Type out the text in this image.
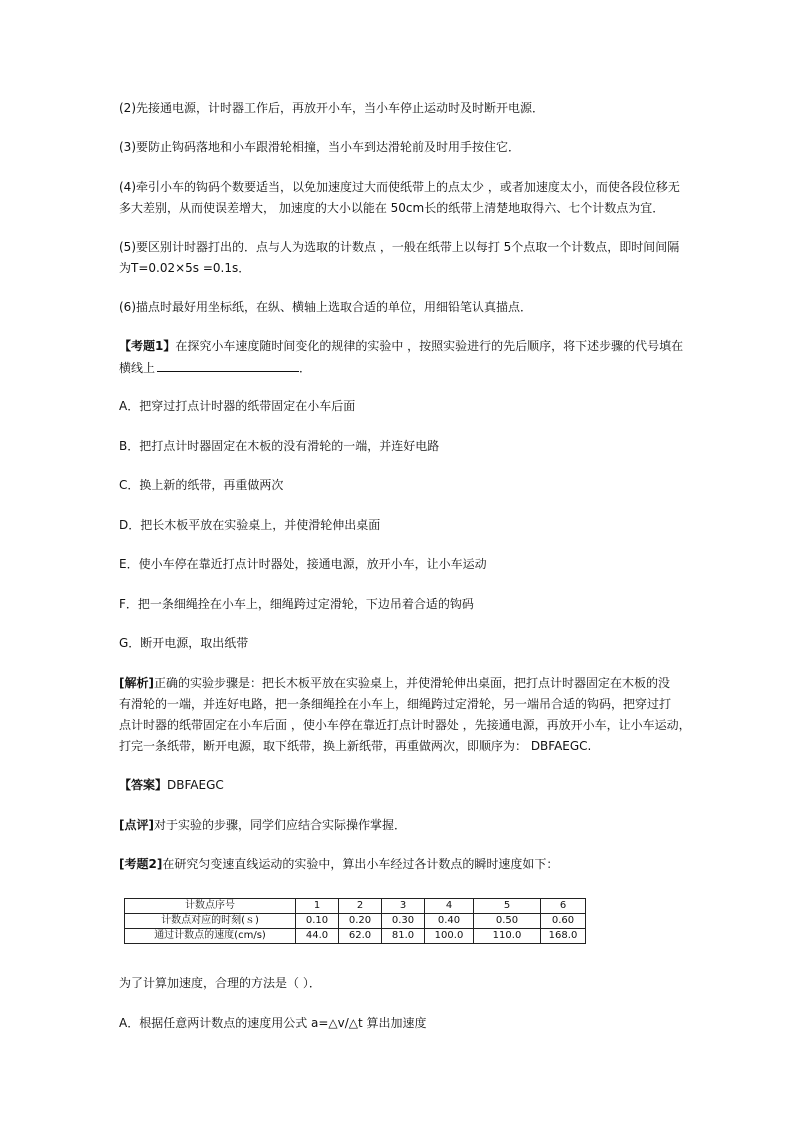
(2)先接通电源，计时器工作后，再放开小车，当小车停止运动时及时断开电源．
(3)要防止钩码落地和小车跟滑轮相撞，当小车到达滑轮前及时用手按住它．
(4)牵引小车的钩码个数要适当，以免加速度过大而使纸带上的点太少 ，或者加速度太小，而使各段位移无
多大差别，从而使误差增大， 加速度的大小以能在 50cm长的纸带上清楚地取得六、七个计数点为宜．
(5)要区别计时器打出的．点与人为选取的计数点 ，一般在纸带上以每打 5个点取一个计数点，即时间间隔
为T=0.02×5s =0.1s．
(6)描点时最好用坐标纸，在纵、横轴上选取合适的单位，用细铅笔认真描点．
【考题1】在探究小车速度随时间变化的规律的实验中 ，按照实验进行的先后顺序，将下述步骤的代号填在
横线上	．
A．把穿过打点计时器的纸带固定在小车后面
B．把打点计时器固定在木板的没有滑轮的一端，并连好电路
C．换上新的纸带，再重做两次
D．把长木板平放在实验桌上，并使滑轮伸出桌面
E．使小车停在靠近打点计时器处，接通电源，放开小车，让小车运动
F．把一条细绳拴在小车上，细绳跨过定滑轮，下边吊着合适的钩码
G．断开电源，取出纸带
[解析]正确的实验步骤是：把长木板平放在实验桌上，并使滑轮伸出桌面，把打点计时器固定在木板的没
有滑轮的一端，并连好电路，把一条细绳拴在小车上，细绳跨过定滑轮，另一端吊合适的钩码，把穿过打
点计时器的纸带固定在小车后面 ，使小车停在靠近打点计时器处 ，先接通电源，再放开小车，让小车运动，
打完一条纸带，断开电源，取下纸带，换上新纸带，再重做两次，即顺序为： DBFAEGC.
【答案】DBFAEGC
[点评]对于实验的步骤，同学们应结合实际操作掌握．
[考题2]在研究匀变速直线运动的实验中，算出小车经过各计数点的瞬时速度如下：
计数点序号	1	2	3	4	5	6
计数点对应的时刻(ｓ)	0.10	0.20	0.30	0.40	0.50	0.60
通过计数点的速度(cm/s)	44.0	62.0	81.0	100.0	110.0	168.0
为了计算加速度，合理的方法是（ ）．
A．根据任意两计数点的速度用公式 a=△v/△t 算出加速度
